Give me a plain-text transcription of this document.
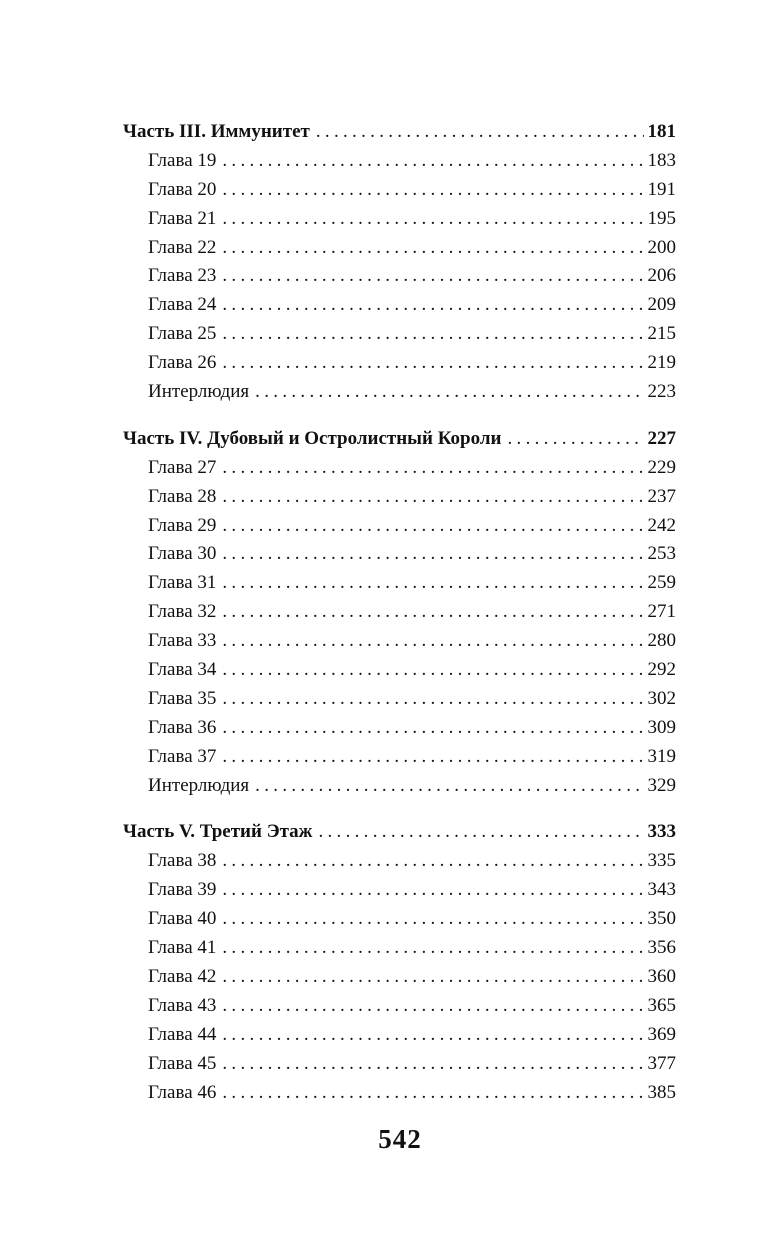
Часть III. Иммунитет .....	181
Глава 19 .....	183
Глава 20 .....	191
Глава 21 .....	195
Глава 22 .....	200
Глава 23 .....	206
Глава 24 .....	209
Глава 25 .....	215
Глава 26 .....	219
Интерлюдия .....	223
Часть IV. Дубовый и Остролистный Короли .....	227
Глава 27 .....	229
Глава 28 .....	237
Глава 29 .....	242
Глава 30 .....	253
Глава 31 .....	259
Глава 32 .....	271
Глава 33 .....	280
Глава 34 .....	292
Глава 35 .....	302
Глава 36 .....	309
Глава 37 .....	319
Интерлюдия .....	329
Часть V. Третий Этаж .....	333
Глава 38 .....	335
Глава 39 .....	343
Глава 40 .....	350
Глава 41 .....	356
Глава 42 .....	360
Глава 43 .....	365
Глава 44 .....	369
Глава 45 .....	377
Глава 46 .....	385
542
